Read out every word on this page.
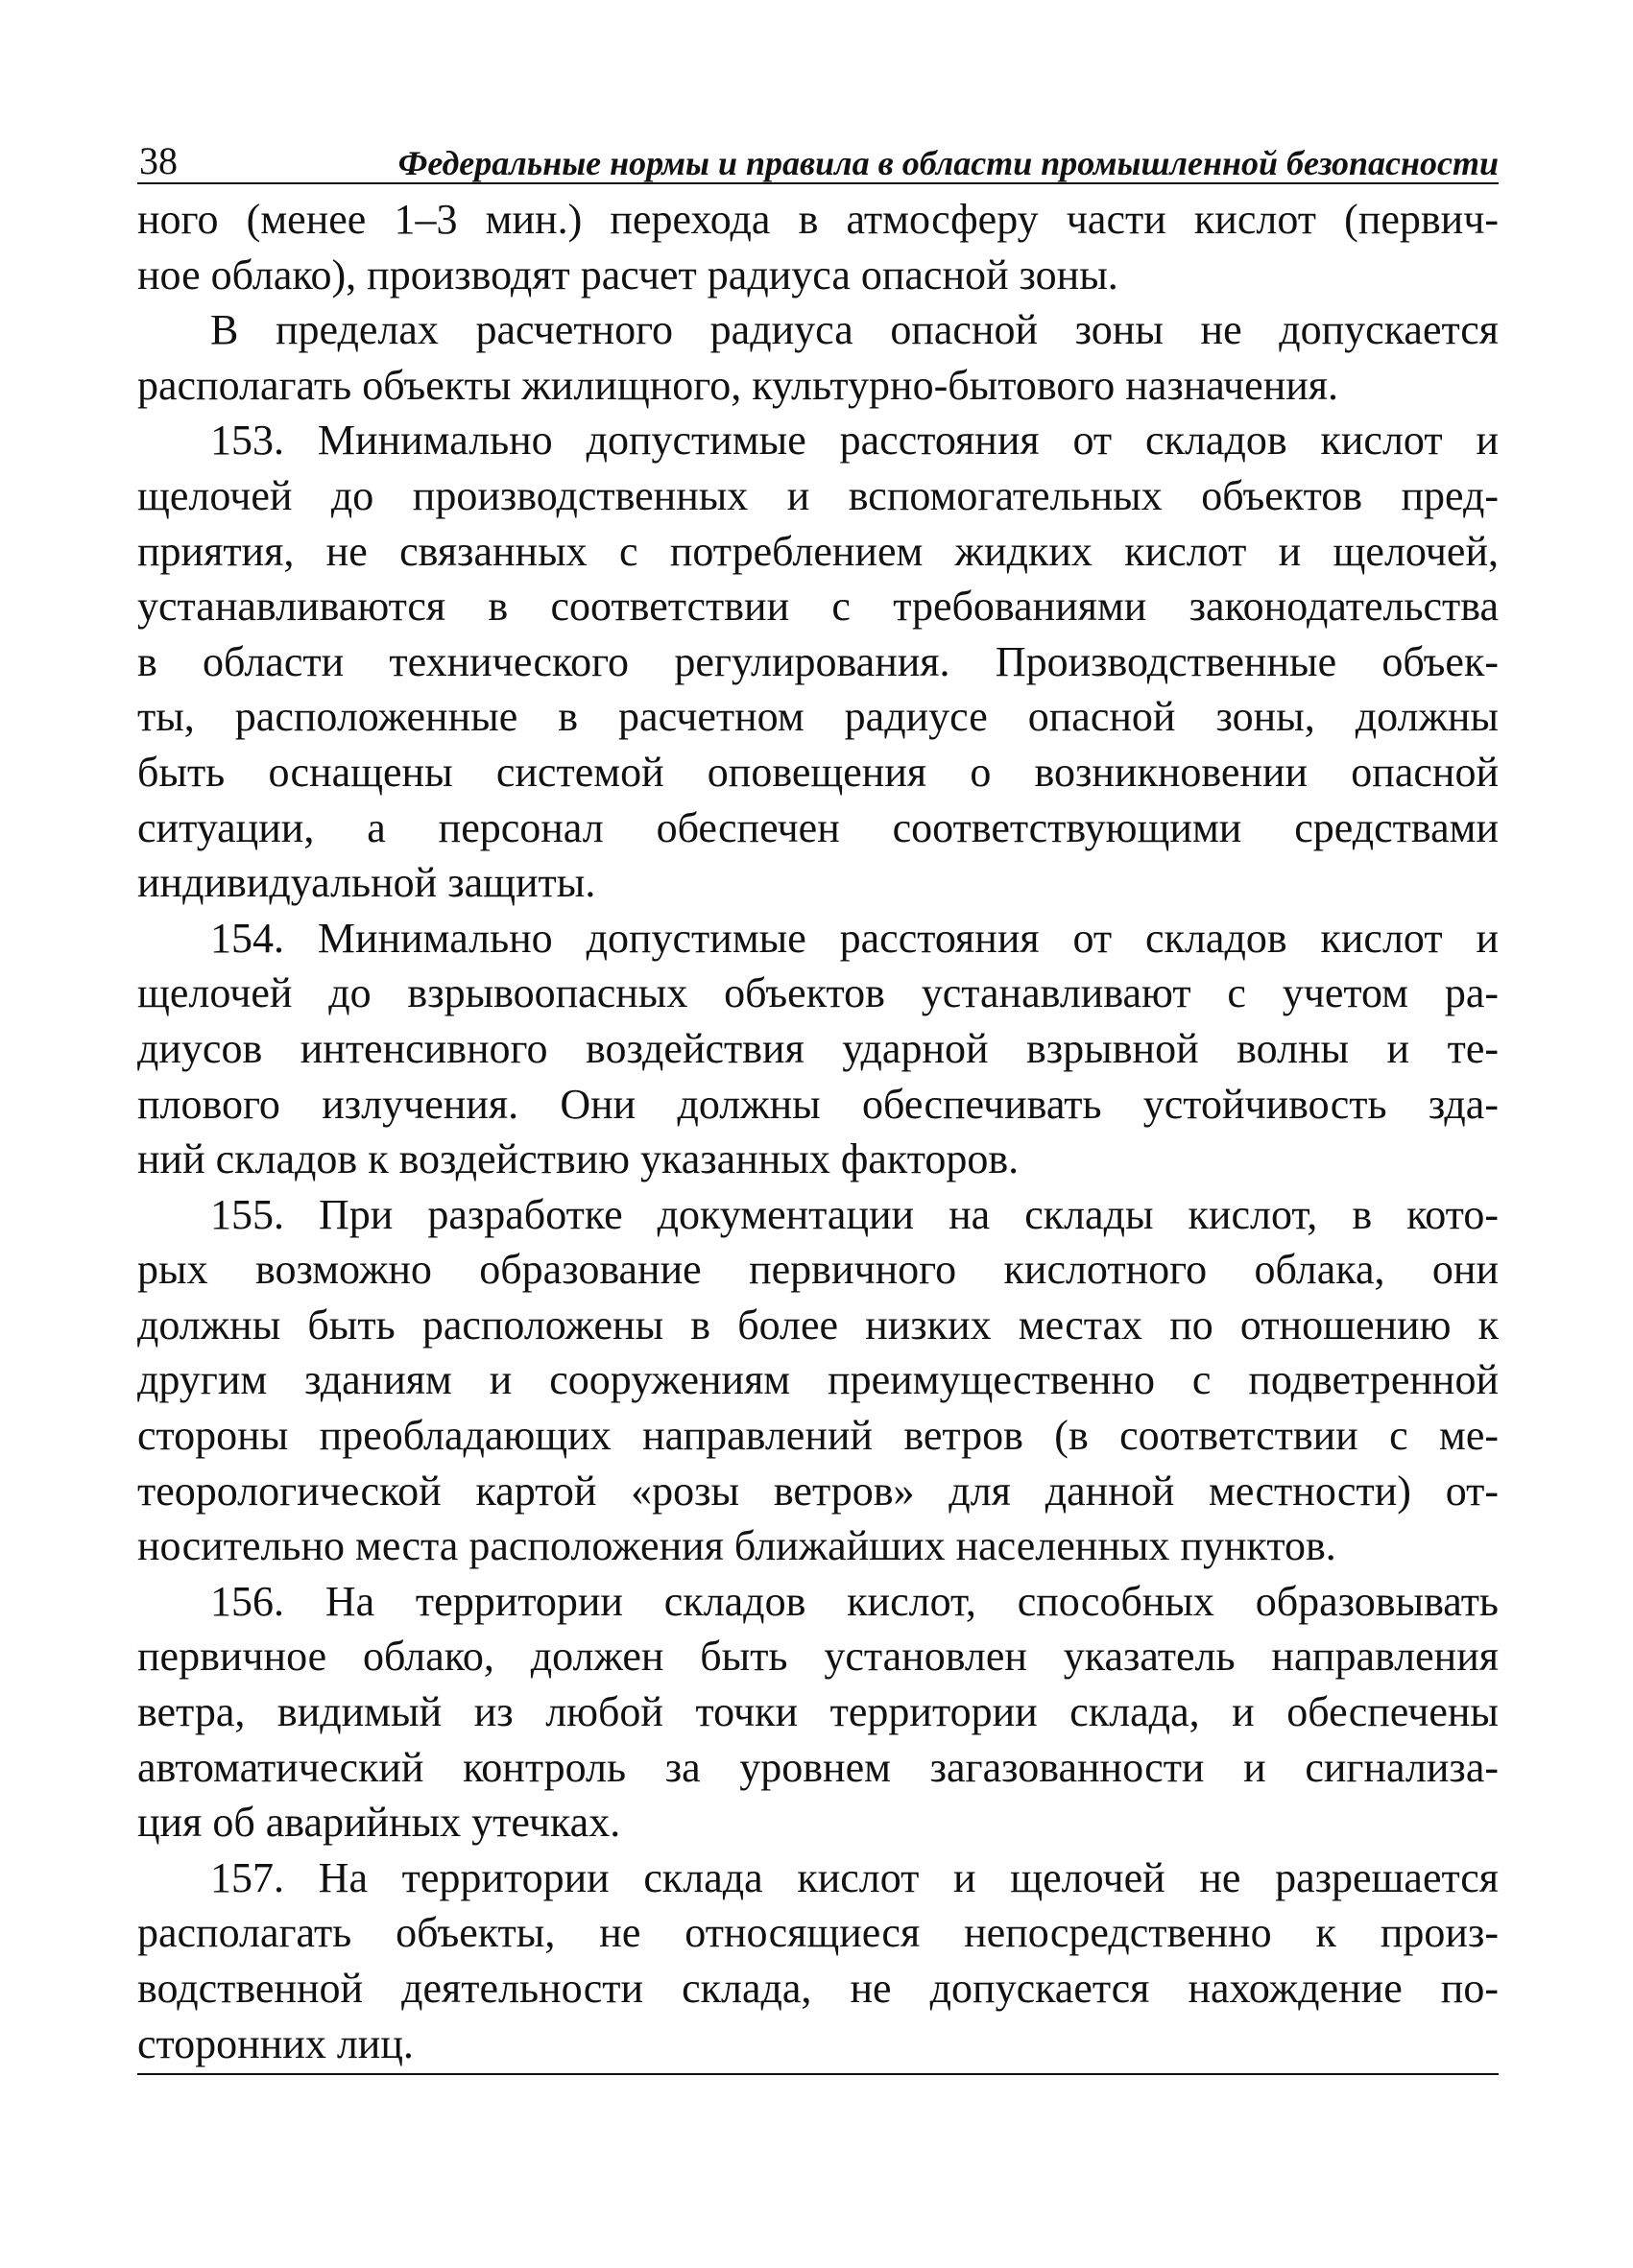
38	Федеральные нормы и правила в области промышленной безопасности

ного (менее 1–3 мин.) перехода в атмосферу части кислот (первич-
ное облако), производят расчет радиуса опасной зоны.

В пределах расчетного радиуса опасной зоны не допускается
располагать объекты жилищного, культурно-бытового назначения.

153. Минимально допустимые расстояния от складов кислот и
щелочей до производственных и вспомогательных объектов пред-
приятия, не связанных с потреблением жидких кислот и щелочей,
устанавливаются в соответствии с требованиями законодательства
в области технического регулирования. Производственные объек-
ты, расположенные в расчетном радиусе опасной зоны, должны
быть оснащены системой оповещения о возникновении опасной
ситуации, а персонал обеспечен соответствующими средствами
индивидуальной защиты.

154. Минимально допустимые расстояния от складов кислот и
щелочей до взрывоопасных объектов устанавливают с учетом ра-
диусов интенсивного воздействия ударной взрывной волны и те-
плового излучения. Они должны обеспечивать устойчивость зда-
ний складов к воздействию указанных факторов.

155. При разработке документации на склады кислот, в кото-
рых возможно образование первичного кислотного облака, они
должны быть расположены в более низких местах по отношению к
другим зданиям и сооружениям преимущественно с подветренной
стороны преобладающих направлений ветров (в соответствии с ме-
теорологической картой «розы ветров» для данной местности) от-
носительно места расположения ближайших населенных пунктов.

156. На территории складов кислот, способных образовывать
первичное облако, должен быть установлен указатель направления
ветра, видимый из любой точки территории склада, и обеспечены
автоматический контроль за уровнем загазованности и сигнализа-
ция об аварийных утечках.

157. На территории склада кислот и щелочей не разрешается
располагать объекты, не относящиеся непосредственно к произ-
водственной деятельности склада, не допускается нахождение по-
сторонних лиц.
